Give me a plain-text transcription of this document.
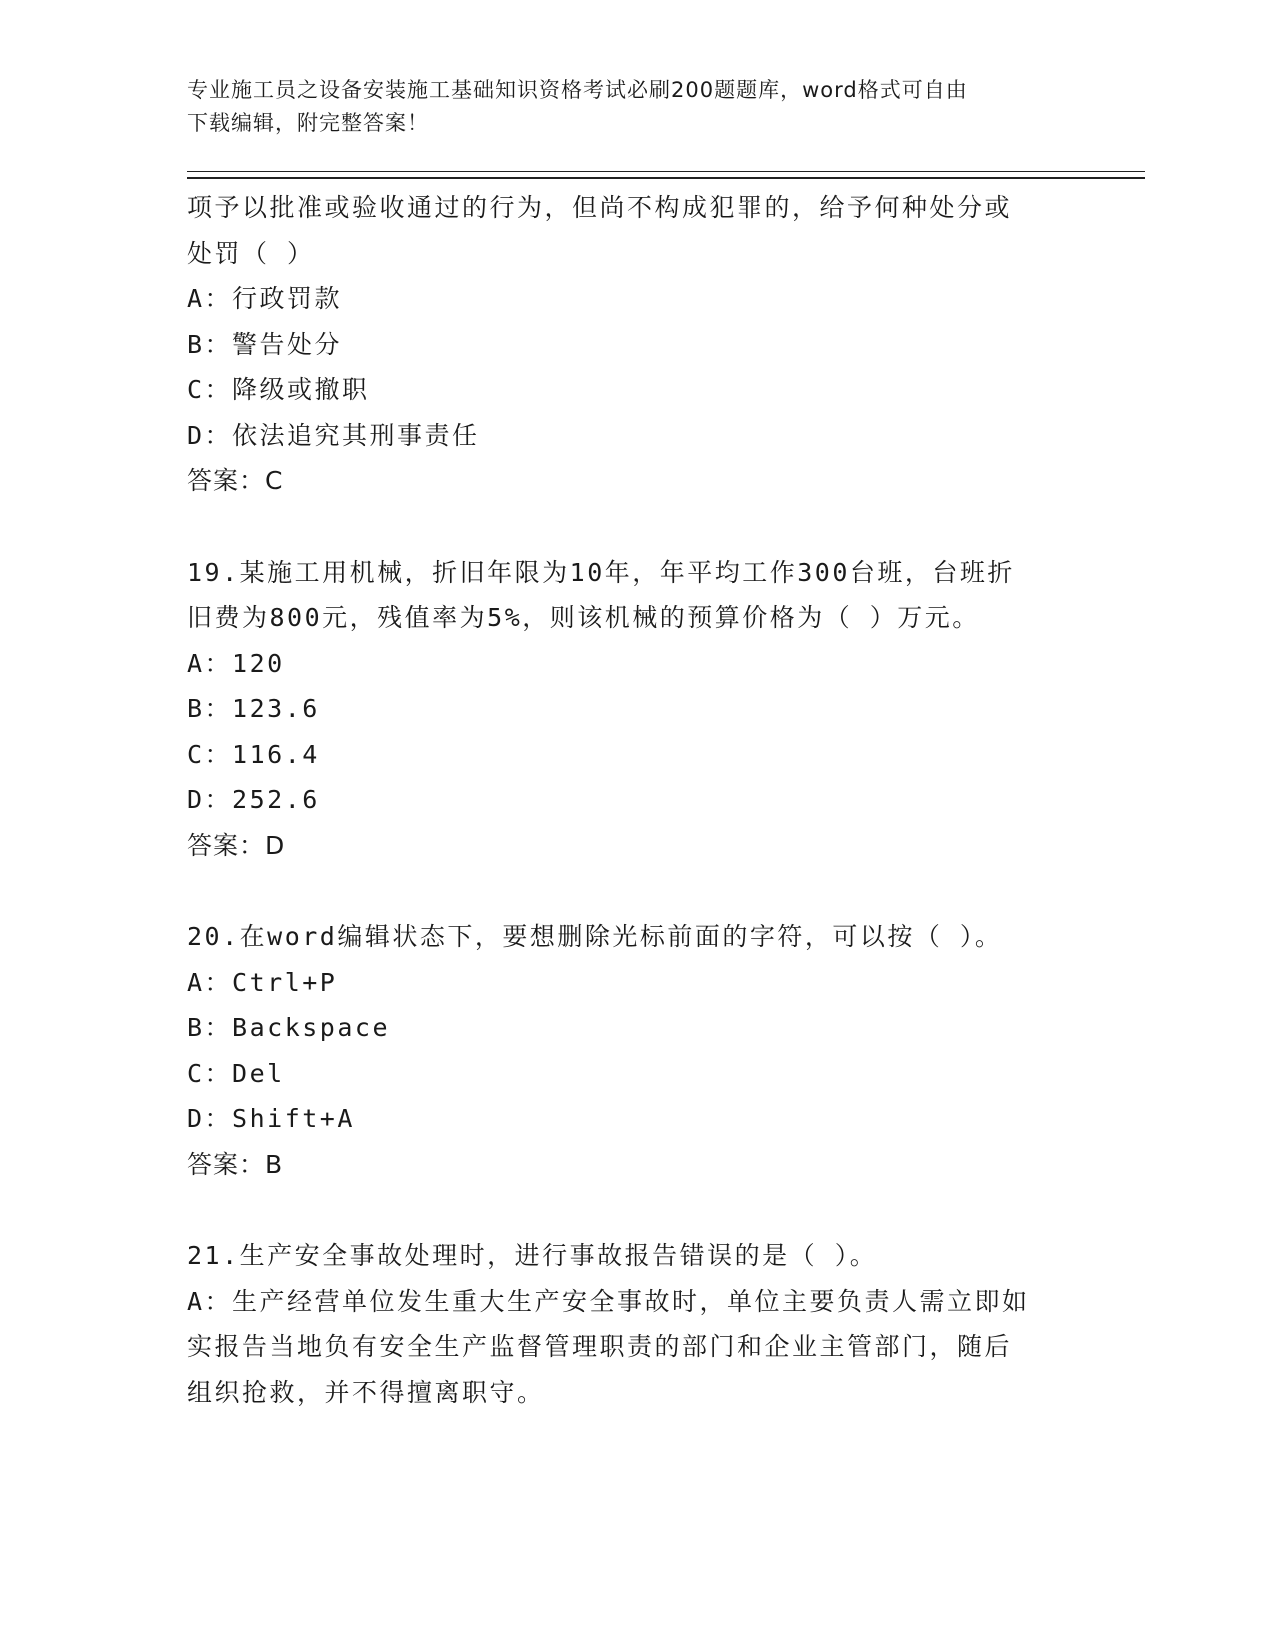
专业施工员之设备安装施工基础知识资格考试必刷200题题库，word格式可自由
下载编辑，附完整答案！
项予以批准或验收通过的行为，但尚不构成犯罪的，给予何种处分或
处罚（ ）
A：行政罚款
B：警告处分
C：降级或撤职
D：依法追究其刑事责任
答案：C
19.某施工用机械，折旧年限为10年，年平均工作300台班，台班折
旧费为800元，残值率为5%，则该机械的预算价格为（ ）万元。
A：120
B：123.6
C：116.4
D：252.6
答案：D
20.在word编辑状态下，要想删除光标前面的字符，可以按（ ）。
A：Ctrl+P
B：Backspace
C：Del
D：Shift+A
答案：B
21.生产安全事故处理时，进行事故报告错误的是（ ）。
A：生产经营单位发生重大生产安全事故时，单位主要负责人需立即如
实报告当地负有安全生产监督管理职责的部门和企业主管部门，随后
组织抢救，并不得擅离职守。
